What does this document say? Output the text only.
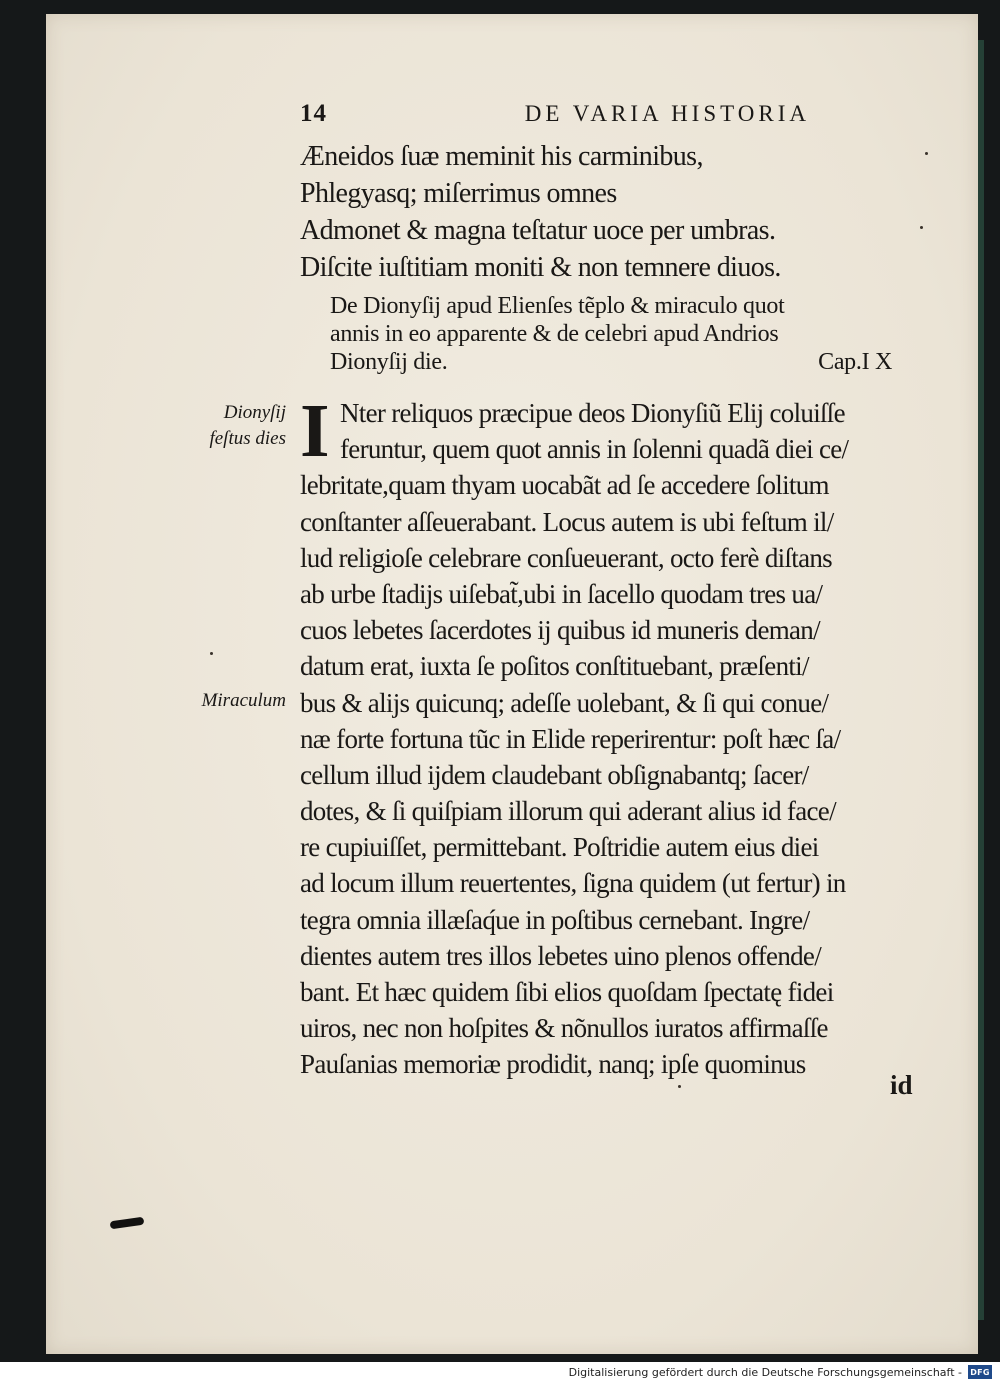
14	DE VARIA HISTORIA
Æneidos ſuæ meminit his carminibus,
Phlegyasq; miſerrimus omnes
Admonet & magna teſtatur uoce per umbras.
Diſcite iuſtitiam moniti & non temnere diuos.
De Dionyſij apud Elienſes tẽplo & miraculo quot
annis in eo apparente & de celebri apud Andrios
Dionyſij die.	Cap.I X
Dionyſij
feſtus dies
Miraculum
I Nter reliquos præcipue deos Dionyſiũ Elij coluiſſe
feruntur, quem quot annis in ſolenni quadã diei ce/
lebritate,quam thyam uocabãt ad ſe accedere ſolitum
conſtanter aſſeuerabant. Locus autem is ubi feſtum il/
lud religioſe celebrare conſueuerant, octo ferè diſtans
ab urbe ſtadijs uiſebat̃,ubi in ſacello quodam tres ua/
cuos lebetes ſacerdotes ij quibus id muneris deman/
datum erat, iuxta ſe poſitos conſtituebant, præſenti/
bus & alijs quicunq; adeſſe uolebant, & ſi qui conue/
næ forte fortuna tũc in Elide reperirentur: poſt hæc ſa/
cellum illud ijdem claudebant obſignabantq; ſacer/
dotes, & ſi quiſpiam illorum qui aderant alius id face/
re cupiuiſſet, permittebant. Poſtridie autem eius diei
ad locum illum reuertentes, ſigna quidem (ut fertur) in
tegra omnia illæſaq́ue in poſtibus cernebant. Ingre/
dientes autem tres illos lebetes uino plenos offende/
bant. Et hæc quidem ſibi elios quoſdam ſpectatę fidei
uiros, nec non hoſpites & nõnullos iuratos affirmaſſe
Pauſanias memoriæ prodidit, nanq; ipſe quominus
id
Digitalisierung gefördert durch die Deutsche Forschungsgemeinschaft - DFG
